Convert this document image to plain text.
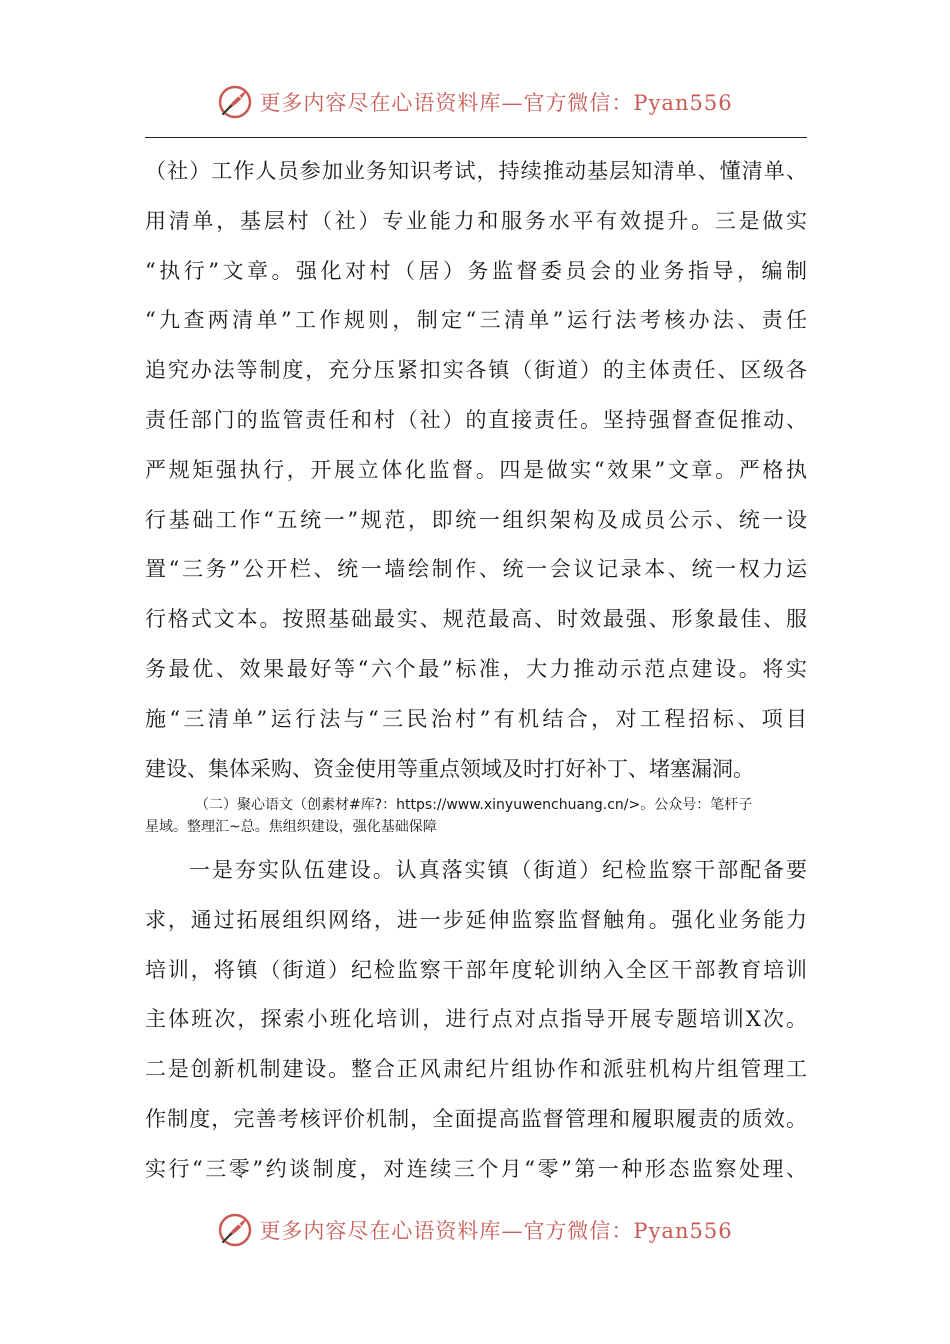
更多内容尽在心语资料库—官方微信：Pyan556
（社）工作人员参加业务知识考试，持续推动基层知清单、懂清单、
用清单，基层村（社）专业能力和服务水平有效提升。三是做实
“执行”文章。强化对村（居）务监督委员会的业务指导，编制
“九查两清单”工作规则，制定“三清单”运行法考核办法、责任
追究办法等制度，充分压紧扣实各镇（街道）的主体责任、区级各
责任部门的监管责任和村（社）的直接责任。坚持强督查促推动、
严规矩强执行，开展立体化监督。四是做实“效果”文章。严格执
行基础工作“五统一”规范，即统一组织架构及成员公示、统一设
置“三务”公开栏、统一墙绘制作、统一会议记录本、统一权力运
行格式文本。按照基础最实、规范最高、时效最强、形象最佳、服
务最优、效果最好等“六个最”标准，大力推动示范点建设。将实
施“三清单”运行法与“三民治村”有机结合，对工程招标、项目
建设、集体采购、资金使用等重点领域及时打好补丁、堵塞漏洞。
（二）聚心语文（创素材#库?：https://www.xinyuwenchuang.cn/>。公众号：笔杆子
星域。整理汇~总。焦组织建设，强化基础保障
一是夯实队伍建设。认真落实镇（街道）纪检监察干部配备要
求，通过拓展组织网络，进一步延伸监察监督触角。强化业务能力
培训，将镇（街道）纪检监察干部年度轮训纳入全区干部教育培训
主体班次，探索小班化培训，进行点对点指导开展专题培训X次。
二是创新机制建设。整合正风肃纪片组协作和派驻机构片组管理工
作制度，完善考核评价机制，全面提高监督管理和履职履责的质效。
实行“三零”约谈制度，对连续三个月“零”第一种形态监察处理、
更多内容尽在心语资料库—官方微信：Pyan556
